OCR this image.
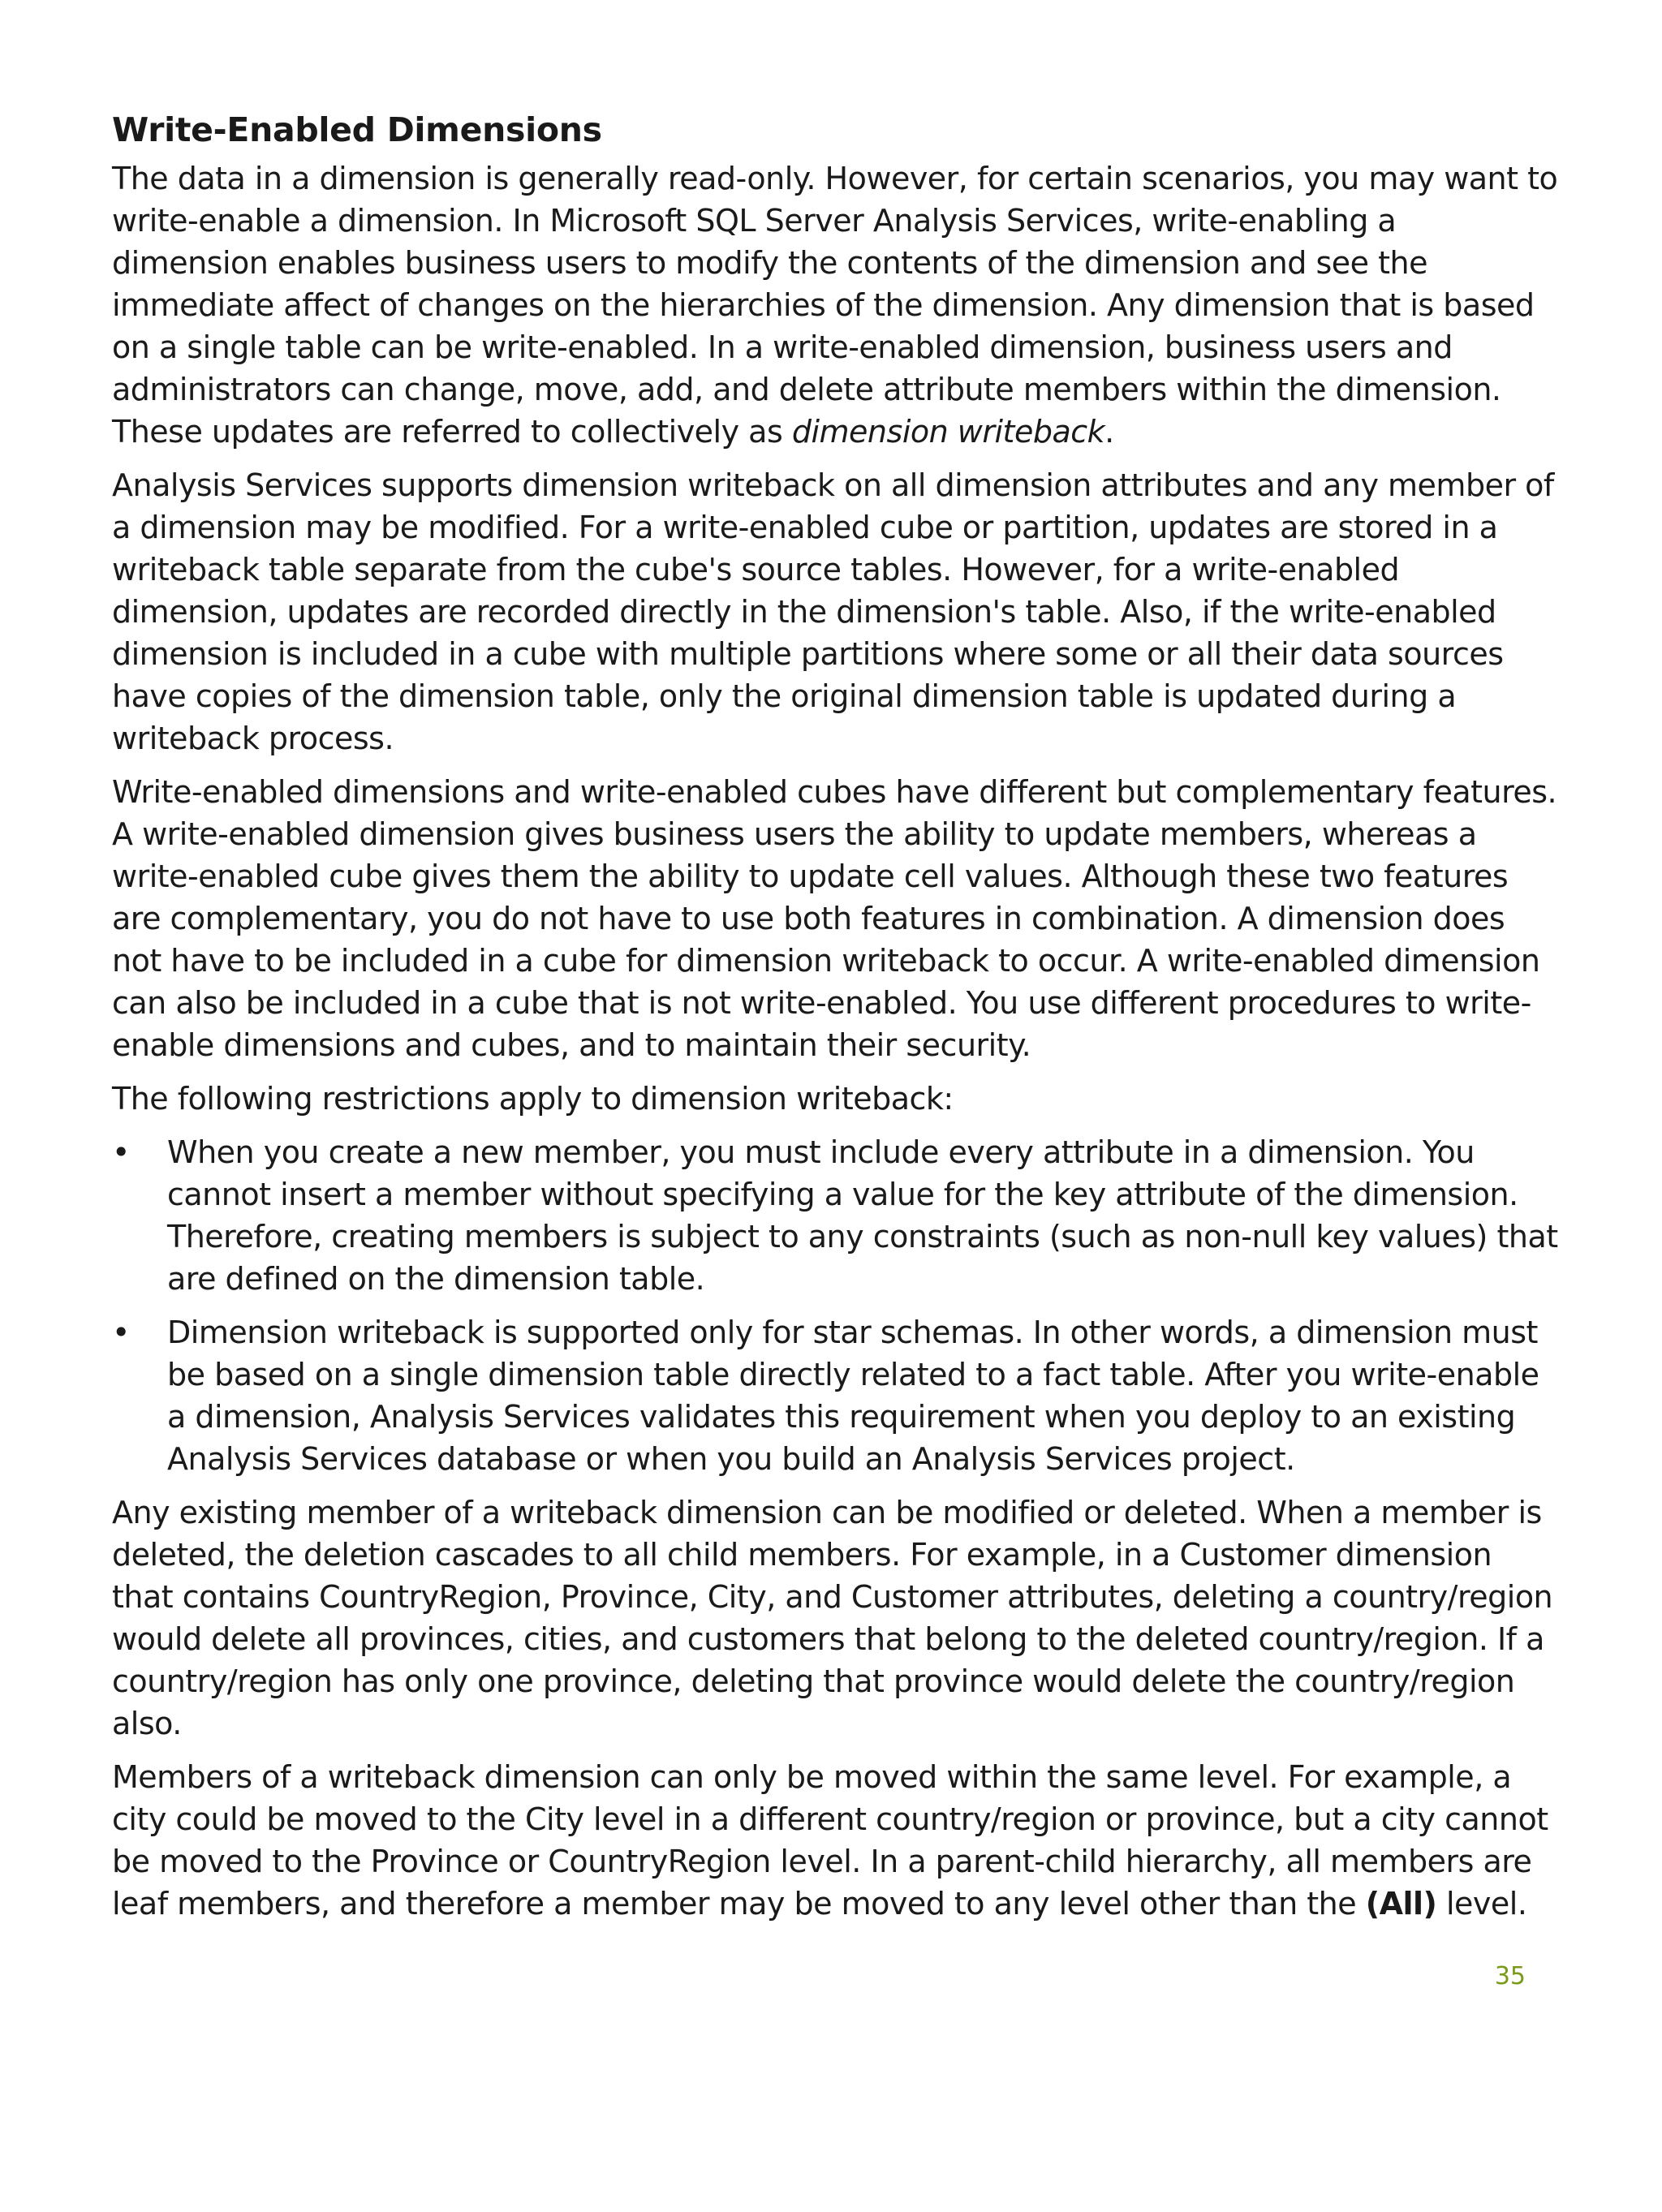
Write-Enabled Dimensions

The data in a dimension is generally read-only. However, for certain scenarios, you may want to write-enable a dimension. In Microsoft SQL Server Analysis Services, write-enabling a dimension enables business users to modify the contents of the dimension and see the immediate affect of changes on the hierarchies of the dimension. Any dimension that is based on a single table can be write-enabled. In a write-enabled dimension, business users and administrators can change, move, add, and delete attribute members within the dimension. These updates are referred to collectively as dimension writeback.

Analysis Services supports dimension writeback on all dimension attributes and any member of a dimension may be modified. For a write-enabled cube or partition, updates are stored in a writeback table separate from the cube's source tables. However, for a write-enabled dimension, updates are recorded directly in the dimension's table. Also, if the write-enabled dimension is included in a cube with multiple partitions where some or all their data sources have copies of the dimension table, only the original dimension table is updated during a writeback process.

Write-enabled dimensions and write-enabled cubes have different but complementary features. A write-enabled dimension gives business users the ability to update members, whereas a write-enabled cube gives them the ability to update cell values. Although these two features are complementary, you do not have to use both features in combination. A dimension does not have to be included in a cube for dimension writeback to occur. A write-enabled dimension can also be included in a cube that is not write-enabled. You use different procedures to write-enable dimensions and cubes, and to maintain their security.

The following restrictions apply to dimension writeback:

• When you create a new member, you must include every attribute in a dimension. You cannot insert a member without specifying a value for the key attribute of the dimension. Therefore, creating members is subject to any constraints (such as non-null key values) that are defined on the dimension table.
• Dimension writeback is supported only for star schemas. In other words, a dimension must be based on a single dimension table directly related to a fact table. After you write-enable a dimension, Analysis Services validates this requirement when you deploy to an existing Analysis Services database or when you build an Analysis Services project.

Any existing member of a writeback dimension can be modified or deleted. When a member is deleted, the deletion cascades to all child members. For example, in a Customer dimension that contains CountryRegion, Province, City, and Customer attributes, deleting a country/region would delete all provinces, cities, and customers that belong to the deleted country/region. If a country/region has only one province, deleting that province would delete the country/region also.

Members of a writeback dimension can only be moved within the same level. For example, a city could be moved to the City level in a different country/region or province, but a city cannot be moved to the Province or CountryRegion level. In a parent-child hierarchy, all members are leaf members, and therefore a member may be moved to any level other than the (All) level.

35
